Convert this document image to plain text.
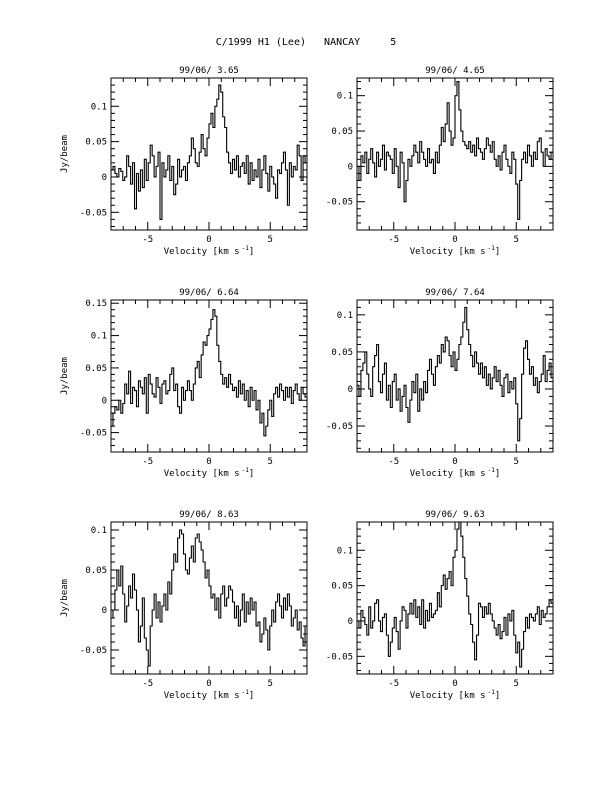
C/1999 H1 (Lee)   NANCAY     5
99/06/ 3.65
-5	0	5
-0.05
0
0.05
0.1
Velocity [km s $^{-1}$]
Jy/beam
99/06/ 4.65
-5	0	5
-0.05
0
0.05
0.1
Velocity [km s $^{-1}$]
99/06/ 6.64
-5	0	5
-0.05
0
0.05
0.1
0.15
Velocity [km s $^{-1}$]
Jy/beam
99/06/ 7.64
-5	0	5
-0.05
0
0.05
0.1
Velocity [km s $^{-1}$]
99/06/ 8.63
-5	0	5
-0.05
0
0.05
0.1
Velocity [km s $^{-1}$]
Jy/beam
99/06/ 9.63
-5	0	5
-0.05
0
0.05
0.1
Velocity [km s $^{-1}$]
